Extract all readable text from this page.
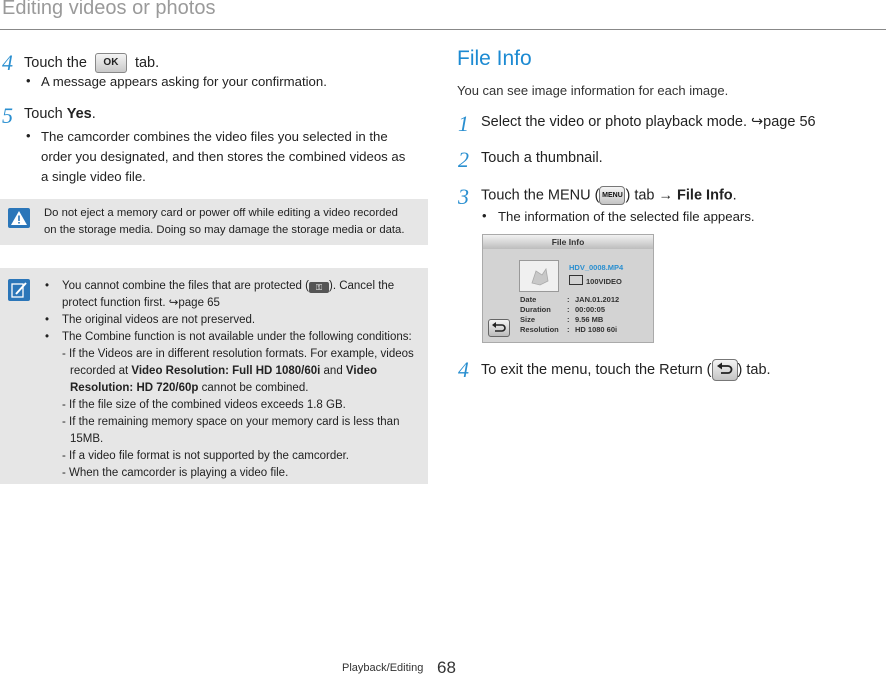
Editing videos or photos
4 Touch the OK tab.
• A message appears asking for your confirmation.
5 Touch Yes.
• The camcorder combines the video files you selected in the
order you designated, and then stores the combined videos as
a single video file.
Do not eject a memory card or power off while editing a video recorded
on the storage media. Doing so may damage the storage media or data.
• You cannot combine the files that are protected ( ⚿ ). Cancel the
protect function first. ↪page 65
• The original videos are not preserved.
• The Combine function is not available under the following conditions:
- If the Videos are in different resolution formats. For example, videos
recorded at Video Resolution: Full HD 1080/60i and Video
Resolution: HD 720/60p cannot be combined.
- If the file size of the combined videos exceeds 1.8 GB.
- If the remaining memory space on your memory card is less than
15MB.
- If a video file format is not supported by the camcorder.
- When the camcorder is playing a video file.
File Info
You can see image information for each image.
1 Select the video or photo playback mode. ↪page 56
2 Touch a thumbnail.
3 Touch the MENU ( MENU ) tab → File Info.
• The information of the selected file appears.
File Info
HDV_0008.MP4
100VIDEO
Date
Duration
Size
Resolution
:
:
:
:
JAN.01.2012
00:00:05
9.56 MB
HD 1080 60i
4 To exit the menu, touch the Return ( ) tab.
Playback/Editing 68
